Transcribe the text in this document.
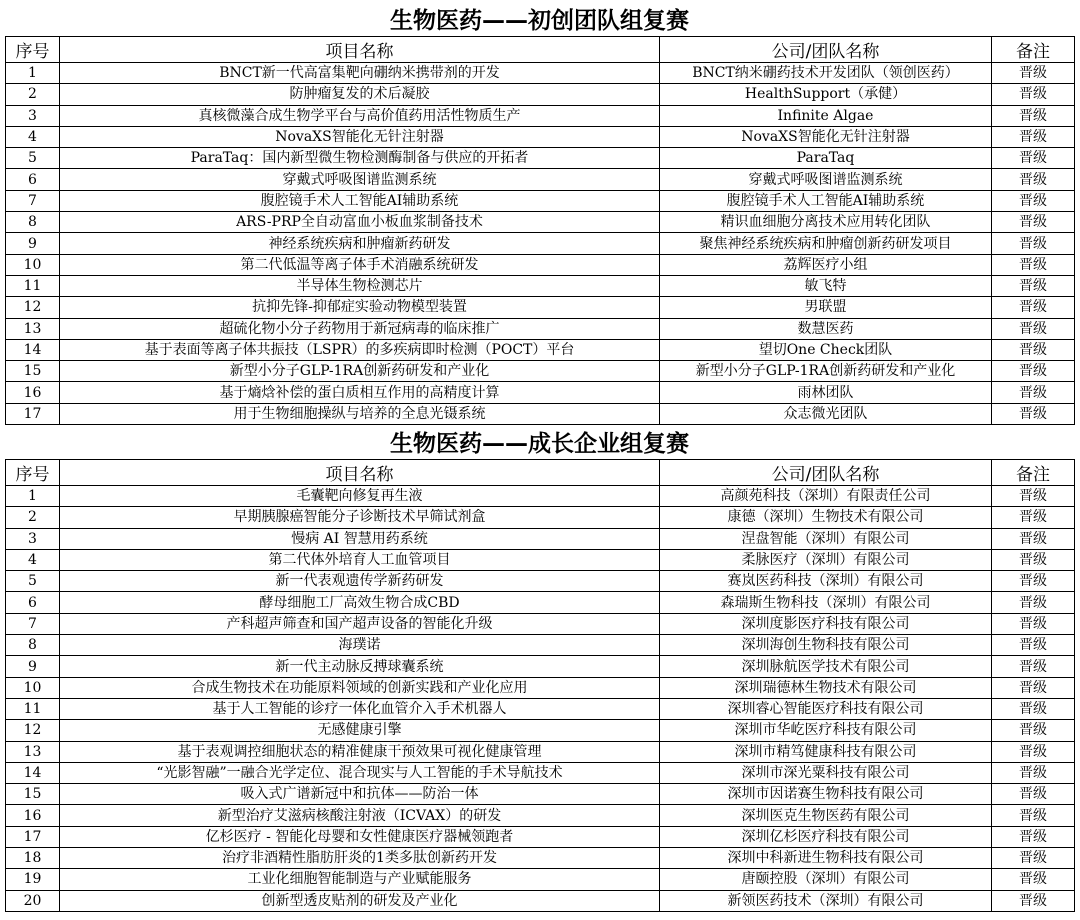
生物医药——初创团队组复赛
序号	项目名称	公司/团队名称	备注
1	BNCT新一代高富集靶向硼纳米携带剂的开发	BNCT纳米硼药技术开发团队（领创医药）	晋级
2	防肿瘤复发的术后凝胶	HealthSupport（承健）	晋级
3	真核微藻合成生物学平台与高价值药用活性物质生产	Infinite Algae	晋级
4	NovaXS智能化无针注射器	NovaXS智能化无针注射器	晋级
5	ParaTaq：国内新型微生物检测酶制备与供应的开拓者	ParaTaq	晋级
6	穿戴式呼吸图谱监测系统	穿戴式呼吸图谱监测系统	晋级
7	腹腔镜手术人工智能AI辅助系统	腹腔镜手术人工智能AI辅助系统	晋级
8	ARS-PRP全自动富血小板血浆制备技术	精识血细胞分离技术应用转化团队	晋级
9	神经系统疾病和肿瘤新药研发	聚焦神经系统疾病和肿瘤创新药研发项目	晋级
10	第二代低温等离子体手术消融系统研发	荔辉医疗小组	晋级
11	半导体生物检测芯片	敏飞特	晋级
12	抗抑先锋-抑郁症实验动物模型装置	男联盟	晋级
13	超硫化物小分子药物用于新冠病毒的临床推广	数慧医药	晋级
14	基于表面等离子体共振技（LSPR）的多疾病即时检测（POCT）平台	望切One Check团队	晋级
15	新型小分子GLP-1RA创新药研发和产业化	新型小分子GLP-1RA创新药研发和产业化	晋级
16	基于熵焓补偿的蛋白质相互作用的高精度计算	雨林团队	晋级
17	用于生物细胞操纵与培养的全息光镊系统	众志微光团队	晋级
生物医药——成长企业组复赛
序号	项目名称	公司/团队名称	备注
1	毛囊靶向修复再生液	高颜苑科技（深圳）有限责任公司	晋级
2	早期胰腺癌智能分子诊断技术早筛试剂盒	康德（深圳）生物技术有限公司	晋级
3	慢病 AI 智慧用药系统	涅盘智能（深圳）有限公司	晋级
4	第二代体外培育人工血管项目	柔脉医疗（深圳）有限公司	晋级
5	新一代表观遗传学新药研发	赛岚医药科技（深圳）有限公司	晋级
6	酵母细胞工厂高效生物合成CBD	森瑞斯生物科技（深圳）有限公司	晋级
7	产科超声筛查和国产超声设备的智能化升级	深圳度影医疗科技有限公司	晋级
8	海璞诺	深圳海创生物科技有限公司	晋级
9	新一代主动脉反搏球囊系统	深圳脉航医学技术有限公司	晋级
10	合成生物技术在功能原料领域的创新实践和产业化应用	深圳瑞德林生物技术有限公司	晋级
11	基于人工智能的诊疗一体化血管介入手术机器人	深圳睿心智能医疗科技有限公司	晋级
12	无感健康引擎	深圳市华屹医疗科技有限公司	晋级
13	基于表观调控细胞状态的精准健康干预效果可视化健康管理	深圳市精笃健康科技有限公司	晋级
14	“光影智融”一融合光学定位、混合现实与人工智能的手术导航技术	深圳市深光粟科技有限公司	晋级
15	吸入式广谱新冠中和抗体——防治一体	深圳市因诺赛生物科技有限公司	晋级
16	新型治疗艾滋病核酸注射液（ICVAX）的研发	深圳医克生物医药有限公司	晋级
17	亿杉医疗 - 智能化母婴和女性健康医疗器械领跑者	深圳亿杉医疗科技有限公司	晋级
18	治疗非酒精性脂肪肝炎的1类多肽创新药开发	深圳中科新进生物科技有限公司	晋级
19	工业化细胞智能制造与产业赋能服务	唐颐控股（深圳）有限公司	晋级
20	创新型透皮贴剂的研发及产业化	新领医药技术（深圳）有限公司	晋级
